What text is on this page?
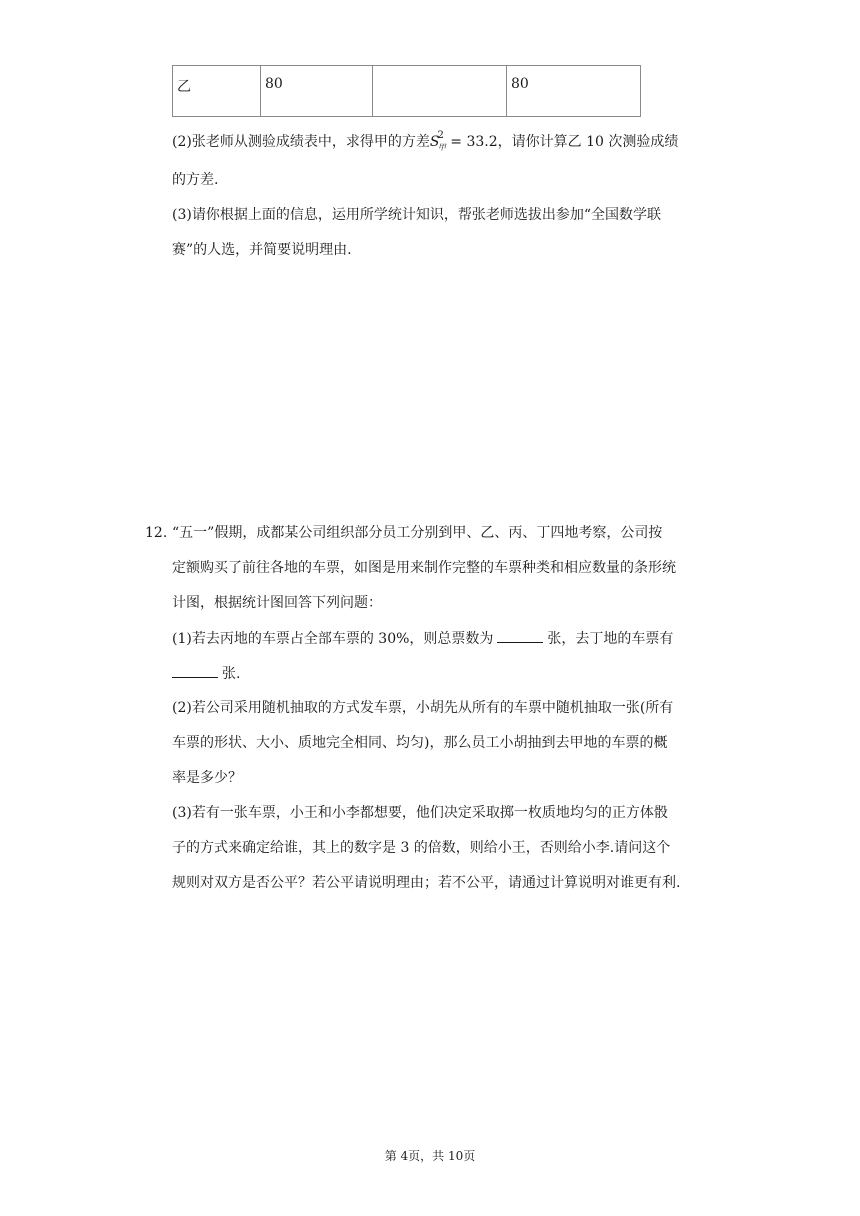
乙	80		80
(2)张老师从测验成绩表中，求得甲的方差$S^2_甲 = 33.2$，请你计算乙 10 次测验成绩
的方差.
(3)请你根据上面的信息，运用所学统计知识，帮张老师选拔出参加“全国数学联
赛”的人选，并简要说明理由.
12. “五一”假期，成都某公司组织部分员工分别到甲、乙、丙、丁四地考察，公司按
定额购买了前往各地的车票，如图是用来制作完整的车票种类和相应数量的条形统
计图，根据统计图回答下列问题：
(1)若去丙地的车票占全部车票的 30%，则总票数为	张，去丁地的车票有
张.
(2)若公司采用随机抽取的方式发车票，小胡先从所有的车票中随机抽取一张(所有
车票的形状、大小、质地完全相同、均匀)，那么员工小胡抽到去甲地的车票的概
率是多少？
(3)若有一张车票，小王和小李都想要，他们决定采取掷一枚质地均匀的正方体骰
子的方式来确定给谁，其上的数字是 3 的倍数，则给小王，否则给小李.请问这个
规则对双方是否公平？若公平请说明理由；若不公平，请通过计算说明对谁更有利.
第 4页，共 10页
